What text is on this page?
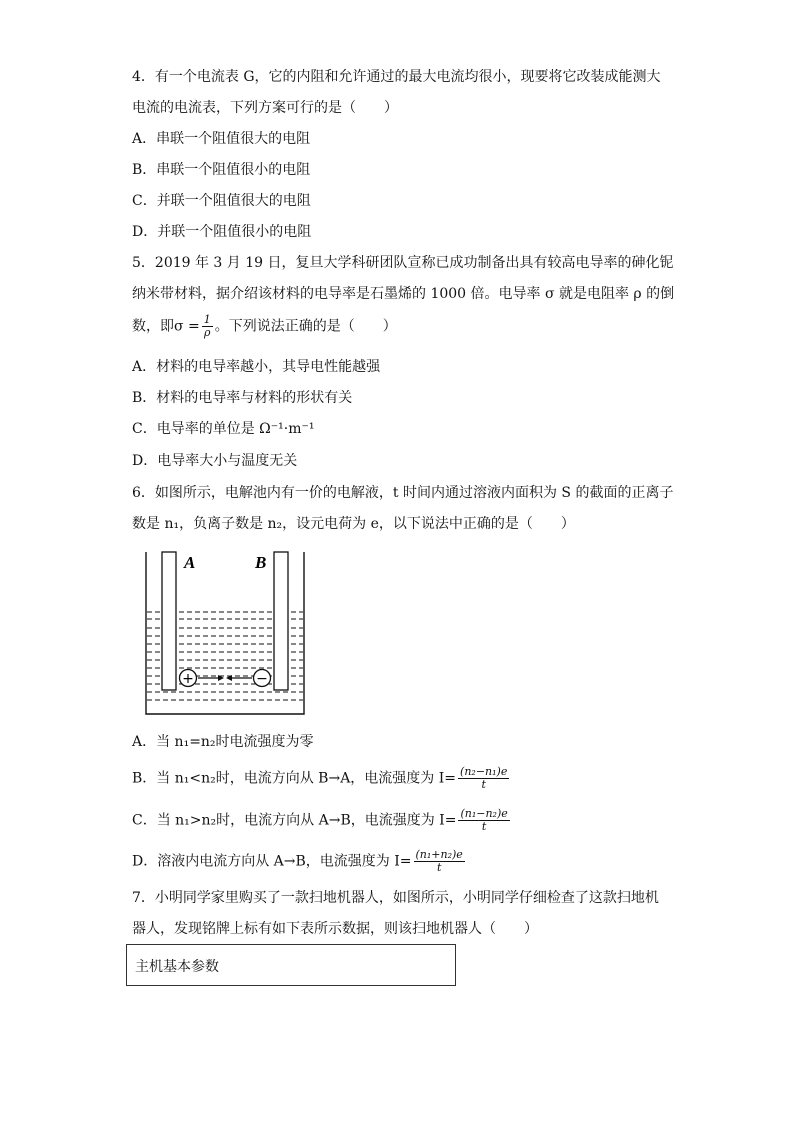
4．有一个电流表 G，它的内阻和允许通过的最大电流均很小，现要将它改装成能测大
电流的电流表，下列方案可行的是（　　）
A．串联一个阻值很大的电阻
B．串联一个阻值很小的电阻
C．并联一个阻值很大的电阻
D．并联一个阻值很小的电阻
5．2019 年 3 月 19 日，复旦大学科研团队宣称已成功制备出具有较高电导率的砷化铌
纳米带材料，据介绍该材料的电导率是石墨烯的 1000 倍。电导率 σ 就是电阻率 ρ 的倒
数，即$\sigma = \frac{1}{\rho}$ 。下列说法正确的是（　　）
A．材料的电导率越小，其导电性能越强
B．材料的电导率与材料的形状有关
C．电导率的单位是 Ω⁻¹·m⁻¹
D．电导率大小与温度无关
6．如图所示，电解池内有一价的电解液，t 时间内通过溶液内面积为 S 的截面的正离子
数是 n₁，负离子数是 n₂，设元电荷为 e，以下说法中正确的是（　　）
A	B
+	−
A．当 n₁=n₂时电流强度为零
B．当 n₁<n₂时，电流方向从 B→A，电流强度为 $I= \frac{\text{(n₂−n₁)e}}{t}$
C．当 n₁>n₂时，电流方向从 A→B，电流强度为 $I= \frac{\text{(n₁−n₂)e}}{t}$
D．溶液内电流方向从 A→B，电流强度为 $I= \frac{\text{(n₁+n₂)e}}{t}$
7．小明同学家里购买了一款扫地机器人，如图所示，小明同学仔细检查了这款扫地机
器人，发现铭牌上标有如下表所示数据，则该扫地机器人（　　）
主机基本参数
